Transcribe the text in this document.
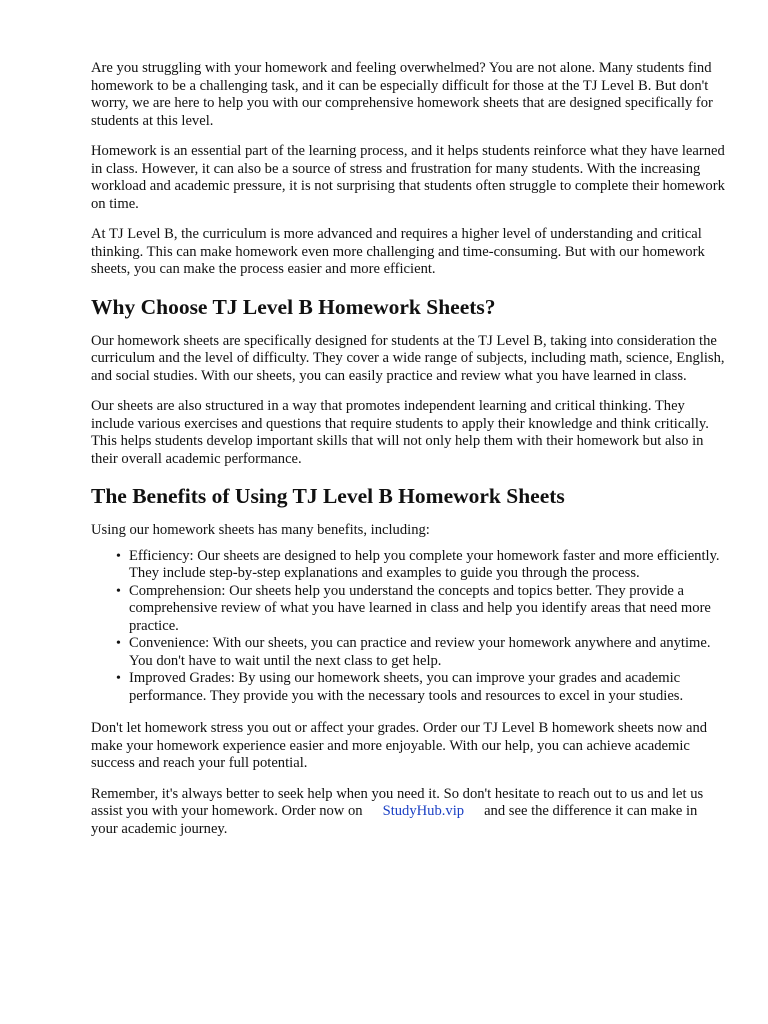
Are you struggling with your homework and feeling overwhelmed? You are not alone. Many students find homework to be a challenging task, and it can be especially difficult for those at the TJ Level B. But don't worry, we are here to help you with our comprehensive homework sheets that are designed specifically for students at this level.

Homework is an essential part of the learning process, and it helps students reinforce what they have learned in class. However, it can also be a source of stress and frustration for many students. With the increasing workload and academic pressure, it is not surprising that students often struggle to complete their homework on time.

At TJ Level B, the curriculum is more advanced and requires a higher level of understanding and critical thinking. This can make homework even more challenging and time-consuming. But with our homework sheets, you can make the process easier and more efficient.

Why Choose TJ Level B Homework Sheets?

Our homework sheets are specifically designed for students at the TJ Level B, taking into consideration the curriculum and the level of difficulty. They cover a wide range of subjects, including math, science, English, and social studies. With our sheets, you can easily practice and review what you have learned in class.

Our sheets are also structured in a way that promotes independent learning and critical thinking. They include various exercises and questions that require students to apply their knowledge and think critically. This helps students develop important skills that will not only help them with their homework but also in their overall academic performance.

The Benefits of Using TJ Level B Homework Sheets

Using our homework sheets has many benefits, including:

• Efficiency: Our sheets are designed to help you complete your homework faster and more efficiently. They include step-by-step explanations and examples to guide you through the process.
• Comprehension: Our sheets help you understand the concepts and topics better. They provide a comprehensive review of what you have learned in class and help you identify areas that need more practice.
• Convenience: With our sheets, you can practice and review your homework anywhere and anytime. You don't have to wait until the next class to get help.
• Improved Grades: By using our homework sheets, you can improve your grades and academic performance. They provide you with the necessary tools and resources to excel in your studies.

Don't let homework stress you out or affect your grades. Order our TJ Level B homework sheets now and make your homework experience easier and more enjoyable. With our help, you can achieve academic success and reach your full potential.

Remember, it's always better to seek help when you need it. So don't hesitate to reach out to us and let us assist you with your homework. Order now on StudyHub.vip and see the difference it can make in your academic journey.
